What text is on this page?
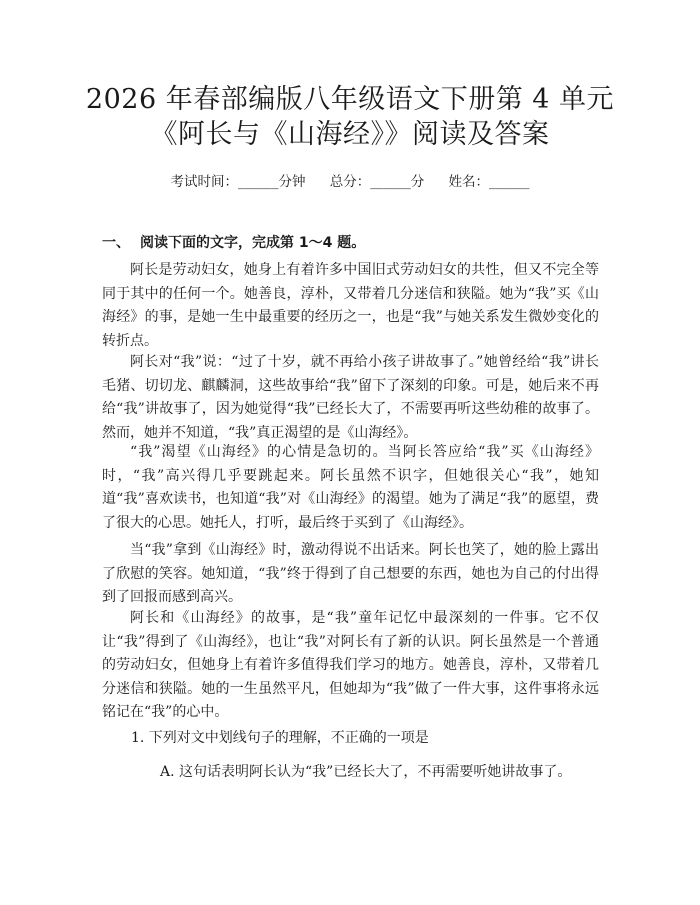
2026 年春部编版八年级语文下册第 4 单元
《阿长与《山海经》》阅读及答案
考试时间：______分钟 总分：______分 姓名：______
一、 阅读下面的文字，完成第 1～4 题。

阿长是劳动妇女，她身上有着许多中国旧式劳动妇女的共性，但又不完全等同于其中的任何一个。她善良，淳朴，又带着几分迷信和狭隘。她为“我”买《山海经》的事，是她一生中最重要的经历之一，也是“我”与她关系发生微妙变化的转折点。

阿长对“我”说：“过了十岁，就不再给小孩子讲故事了。”她曾经给“我”讲长毛猪、切切龙、麒麟洞，这些故事给“我”留下了深刻的印象。可是，她后来不再给“我”讲故事了，因为她觉得“我”已经长大了，不需要再听这些幼稚的故事了。然而，她并不知道，“我”真正渴望的是《山海经》。

“我”渴望《山海经》的心情是急切的。当阿长答应给“我”买《山海经》时，“我”高兴得几乎要跳起来。阿长虽然不识字，但她很关心“我”，她知道“我”喜欢读书，也知道“我”对《山海经》的渴望。她为了满足“我”的愿望，费了很大的心思。她托人，打听，最后终于买到了《山海经》。

当“我”拿到《山海经》时，激动得说不出话来。阿长也笑了，她的脸上露出了欣慰的笑容。她知道，“我”终于得到了自己想要的东西，她也为自己的付出得到了回报而感到高兴。

阿长和《山海经》的故事，是“我”童年记忆中最深刻的一件事。它不仅让“我”得到了《山海经》，也让“我”对阿长有了新的认识。阿长虽然是一个普通的劳动妇女，但她身上有着许多值得我们学习的地方。她善良，淳朴，又带着几分迷信和狭隘。她的一生虽然平凡，但她却为“我”做了一件大事，这件事将永远铭记在“我”的心中。

1. 下列对文中划线句子的理解，不正确的一项是
A. 这句话表明阿长认为“我”已经长大了，不再需要听她讲故事了。
